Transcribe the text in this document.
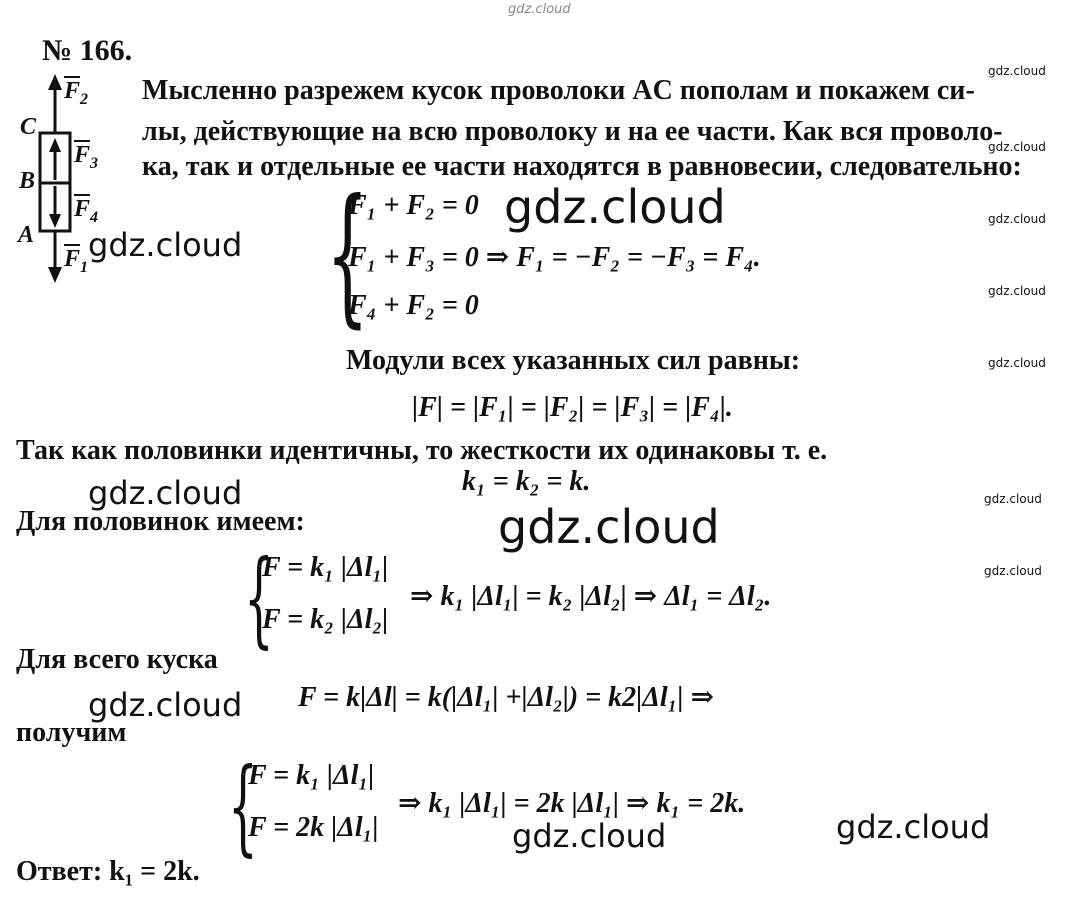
gdz.cloud
№ 166.
C
B
A
$\overline{F}_2$
$\overline{F}_3$
$\overline{F}_4$
$\overline{F}_1$
Мысленно разрежем кусок проволоки AC пополам и покажем си-
лы, действующие на всю проволоку и на ее части. Как вся проволо-
ка, так и отдельные ее части находятся в равновесии, следовательно:
{
F₁ + F₂ = 0
F₁ + F₃ = 0 ⇒ F₁ = −F₂ = −F₃ = F₄.
F₄ + F₂ = 0
Модули всех указанных сил равны:
|F| = |F₁| = |F₂| = |F₃| = |F₄|.
Так как половинки идентичны, то жесткости их одинаковы т. е.
k₁ = k₂ = k.
Для половинок имеем:
{
F = k₁ |Δl₁|
F = k₂ |Δl₂|
⇒ k₁ |Δl₁| = k₂ |Δl₂| ⇒ Δl₁ = Δl₂.
Для всего куска
F = k|Δl| = k(|Δl₁| +|Δl₂|) = k2|Δl₁| ⇒
получим
{
F = k₁ |Δl₁|
F = 2k |Δl₁|
⇒ k₁ |Δl₁| = 2k |Δl₁| ⇒ k₁ = 2k.
Ответ: k₁ = 2k.
gdz.cloud
gdz.cloud
gdz.cloud
gdz.cloud
gdz.cloud
gdz.cloud	gdz.cloud
gdz.cloud
gdz.cloud
gdz.cloud
gdz.cloud
gdz.cloud
gdz.cloud
gdz.cloud
